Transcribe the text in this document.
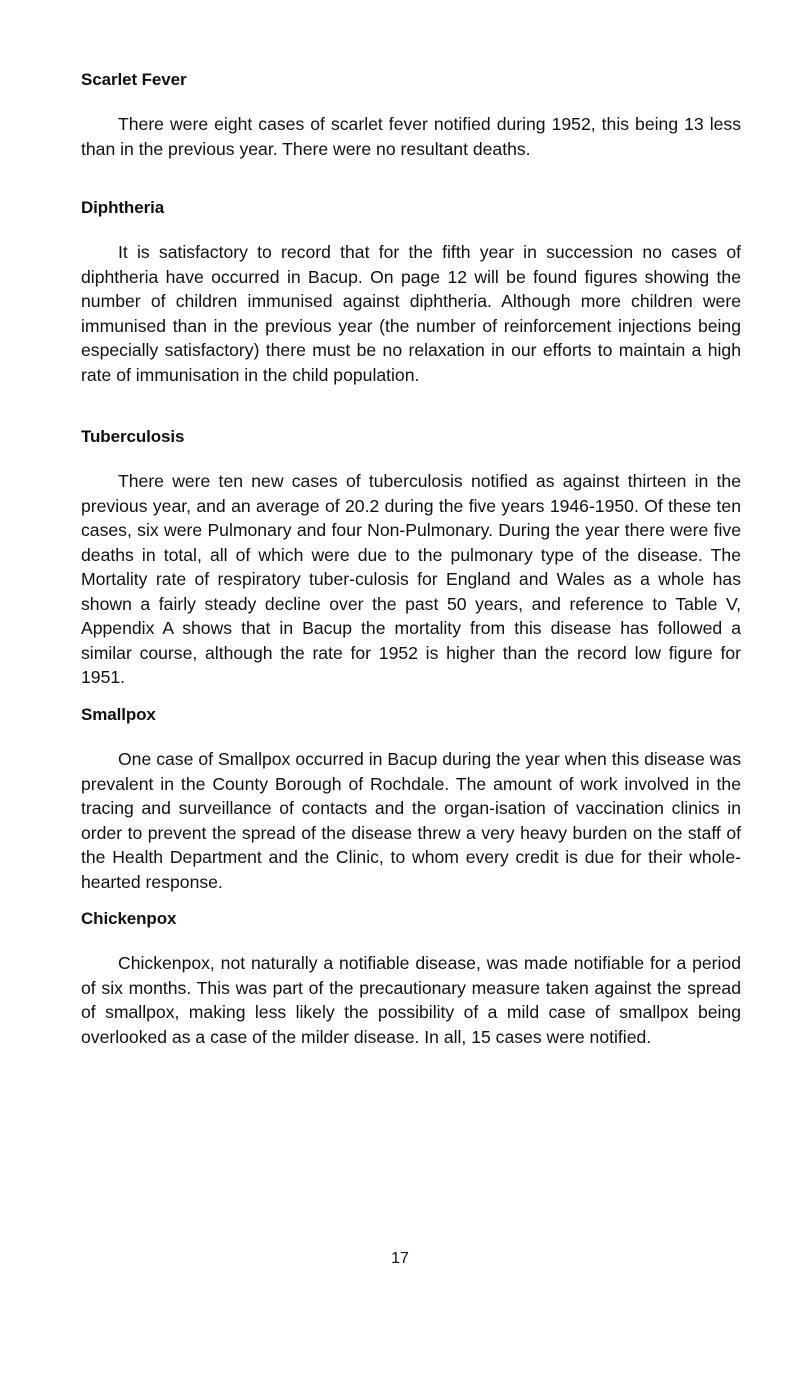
Scarlet Fever

There were eight cases of scarlet fever notified during 1952, this being 13 less than in the previous year. There were no resultant deaths.

Diphtheria

It is satisfactory to record that for the fifth year in succession no cases of diphtheria have occurred in Bacup. On page 12 will be found figures showing the number of children immunised against diphtheria. Although more children were immunised than in the previous year (the number of reinforcement injections being especially satisfactory) there must be no relaxation in our efforts to maintain a high rate of immunisation in the child population.

Tuberculosis

There were ten new cases of tuberculosis notified as against thirteen in the previous year, and an average of 20.2 during the five years 1946-1950. Of these ten cases, six were Pulmonary and four Non-Pulmonary. During the year there were five deaths in total, all of which were due to the pulmonary type of the disease. The Mortality rate of respiratory tuber-culosis for England and Wales as a whole has shown a fairly steady decline over the past 50 years, and reference to Table V, Appendix A shows that in Bacup the mortality from this disease has followed a similar course, although the rate for 1952 is higher than the record low figure for 1951.

Smallpox

One case of Smallpox occurred in Bacup during the year when this disease was prevalent in the County Borough of Rochdale. The amount of work involved in the tracing and surveillance of contacts and the organ-isation of vaccination clinics in order to prevent the spread of the disease threw a very heavy burden on the staff of the Health Department and the Clinic, to whom every credit is due for their whole-hearted response.

Chickenpox

Chickenpox, not naturally a notifiable disease, was made notifiable for a period of six months. This was part of the precautionary measure taken against the spread of smallpox, making less likely the possibility of a mild case of smallpox being overlooked as a case of the milder disease. In all, 15 cases were notified.

17
